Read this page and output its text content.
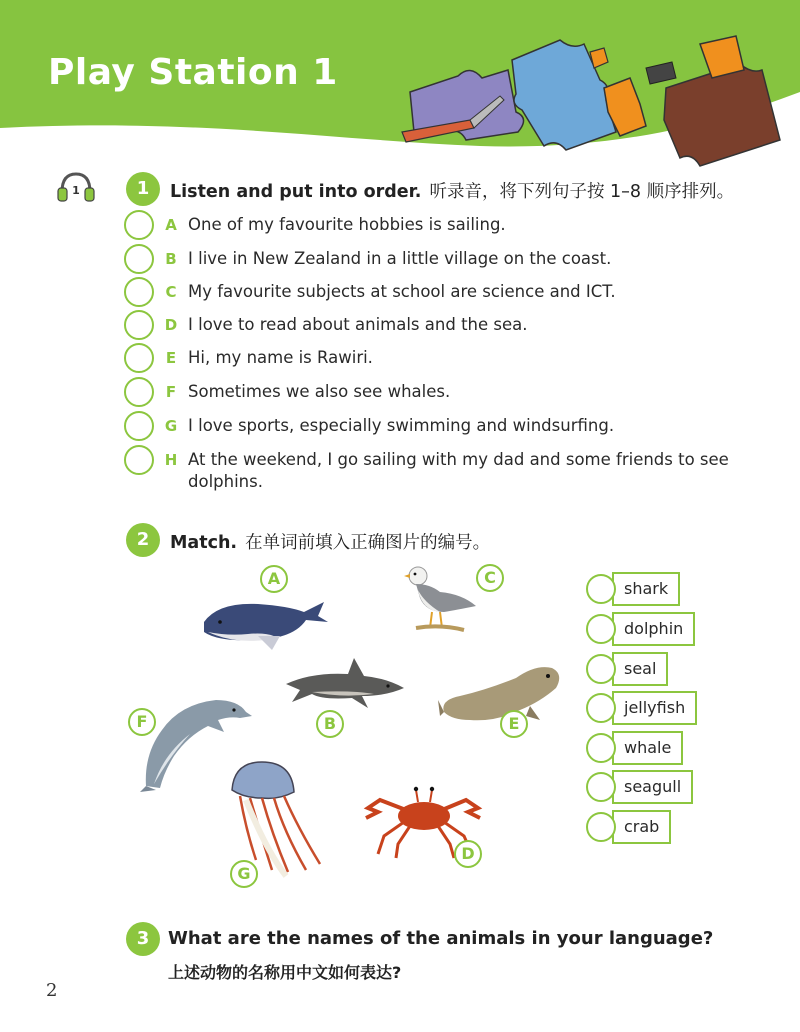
Play Station 1
1	1	Listen and put into order. 听录音，将下列句子按 1–8 顺序排列。
A One of my favourite hobbies is sailing.
B I live in New Zealand in a little village on the coast.
C My favourite subjects at school are science and ICT.
D I love to read about animals and the sea.
E Hi, my name is Rawiri.
F Sometimes we also see whales.
G I love sports, especially swimming and windsurfing.
H At the weekend, I go sailing with my dad and some friends to see dolphins.
2	Match. 在单词前填入正确图片的编号。
A
B
C
E
F
G
D
shark
dolphin
seal
jellyfish
whale
seagull
crab
3	What are the names of the animals in your language?
上述动物的名称用中文如何表达?
2
